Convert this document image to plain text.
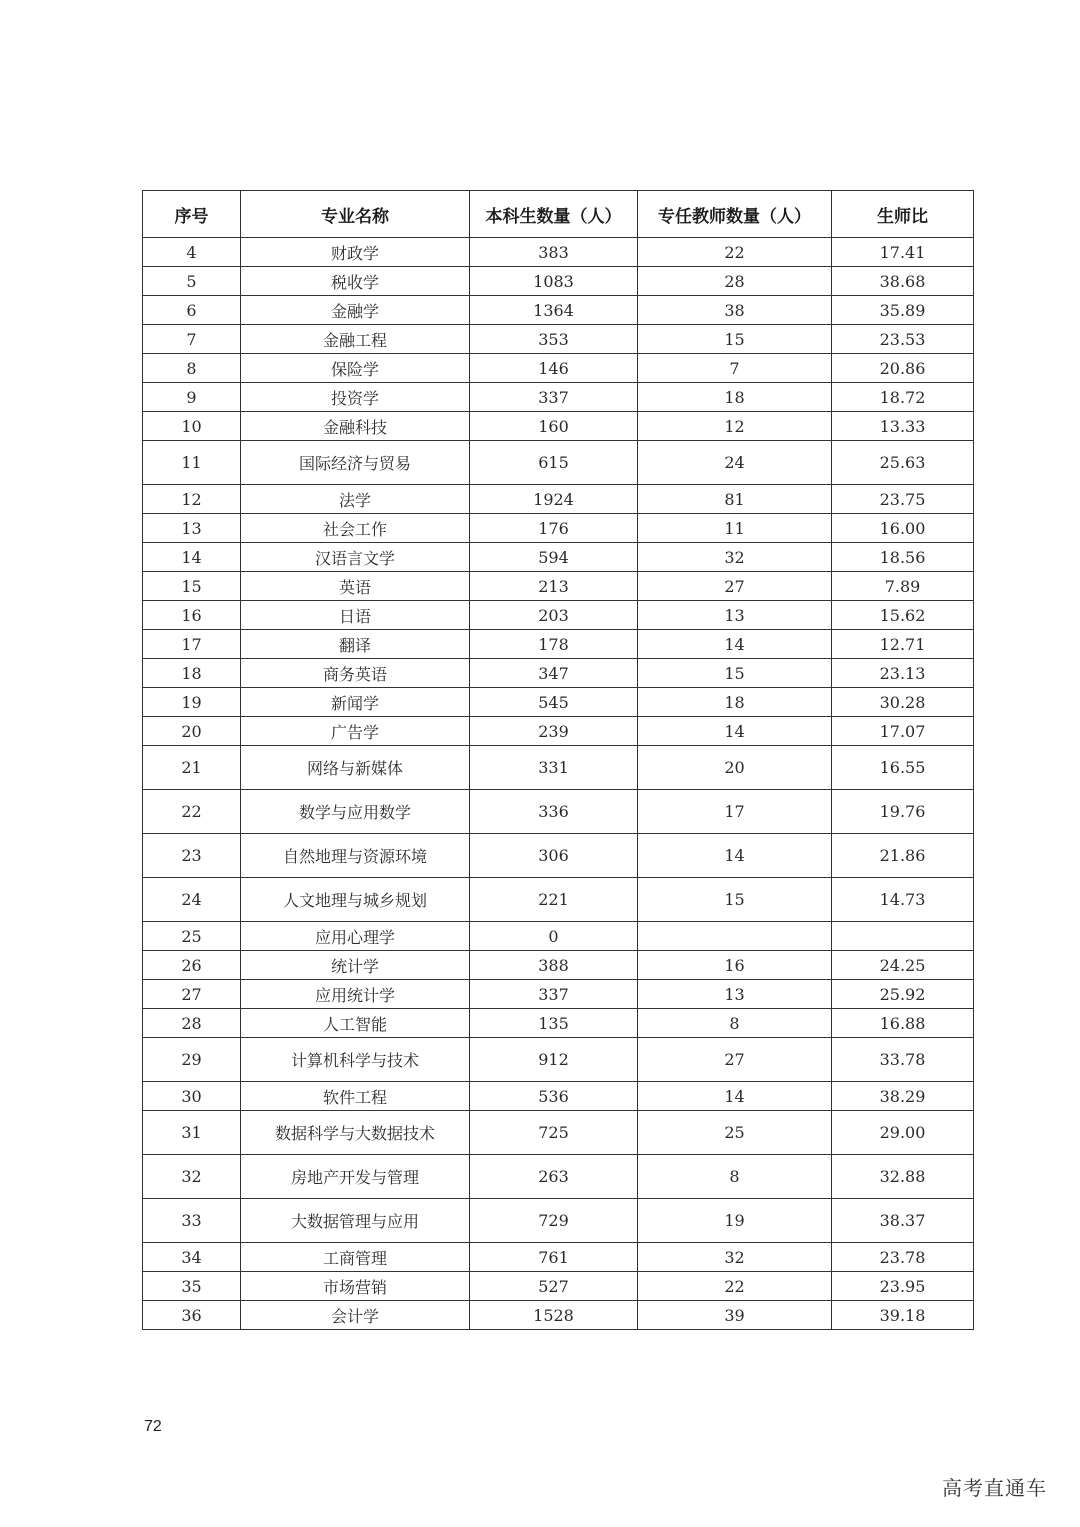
序号	专业名称	本科生数量（人）	专任教师数量（人）	生师比
4	财政学	383	22	17.41
5	税收学	1083	28	38.68
6	金融学	1364	38	35.89
7	金融工程	353	15	23.53
8	保险学	146	7	20.86
9	投资学	337	18	18.72
10	金融科技	160	12	13.33
11	国际经济与贸易	615	24	25.63
12	法学	1924	81	23.75
13	社会工作	176	11	16.00
14	汉语言文学	594	32	18.56
15	英语	213	27	7.89
16	日语	203	13	15.62
17	翻译	178	14	12.71
18	商务英语	347	15	23.13
19	新闻学	545	18	30.28
20	广告学	239	14	17.07
21	网络与新媒体	331	20	16.55
22	数学与应用数学	336	17	19.76
23	自然地理与资源环境	306	14	21.86
24	人文地理与城乡规划	221	15	14.73
25	应用心理学	0		
26	统计学	388	16	24.25
27	应用统计学	337	13	25.92
28	人工智能	135	8	16.88
29	计算机科学与技术	912	27	33.78
30	软件工程	536	14	38.29
31	数据科学与大数据技术	725	25	29.00
32	房地产开发与管理	263	8	32.88
33	大数据管理与应用	729	19	38.37
34	工商管理	761	32	23.78
35	市场营销	527	22	23.95
36	会计学	1528	39	39.18
72
高考直通车
